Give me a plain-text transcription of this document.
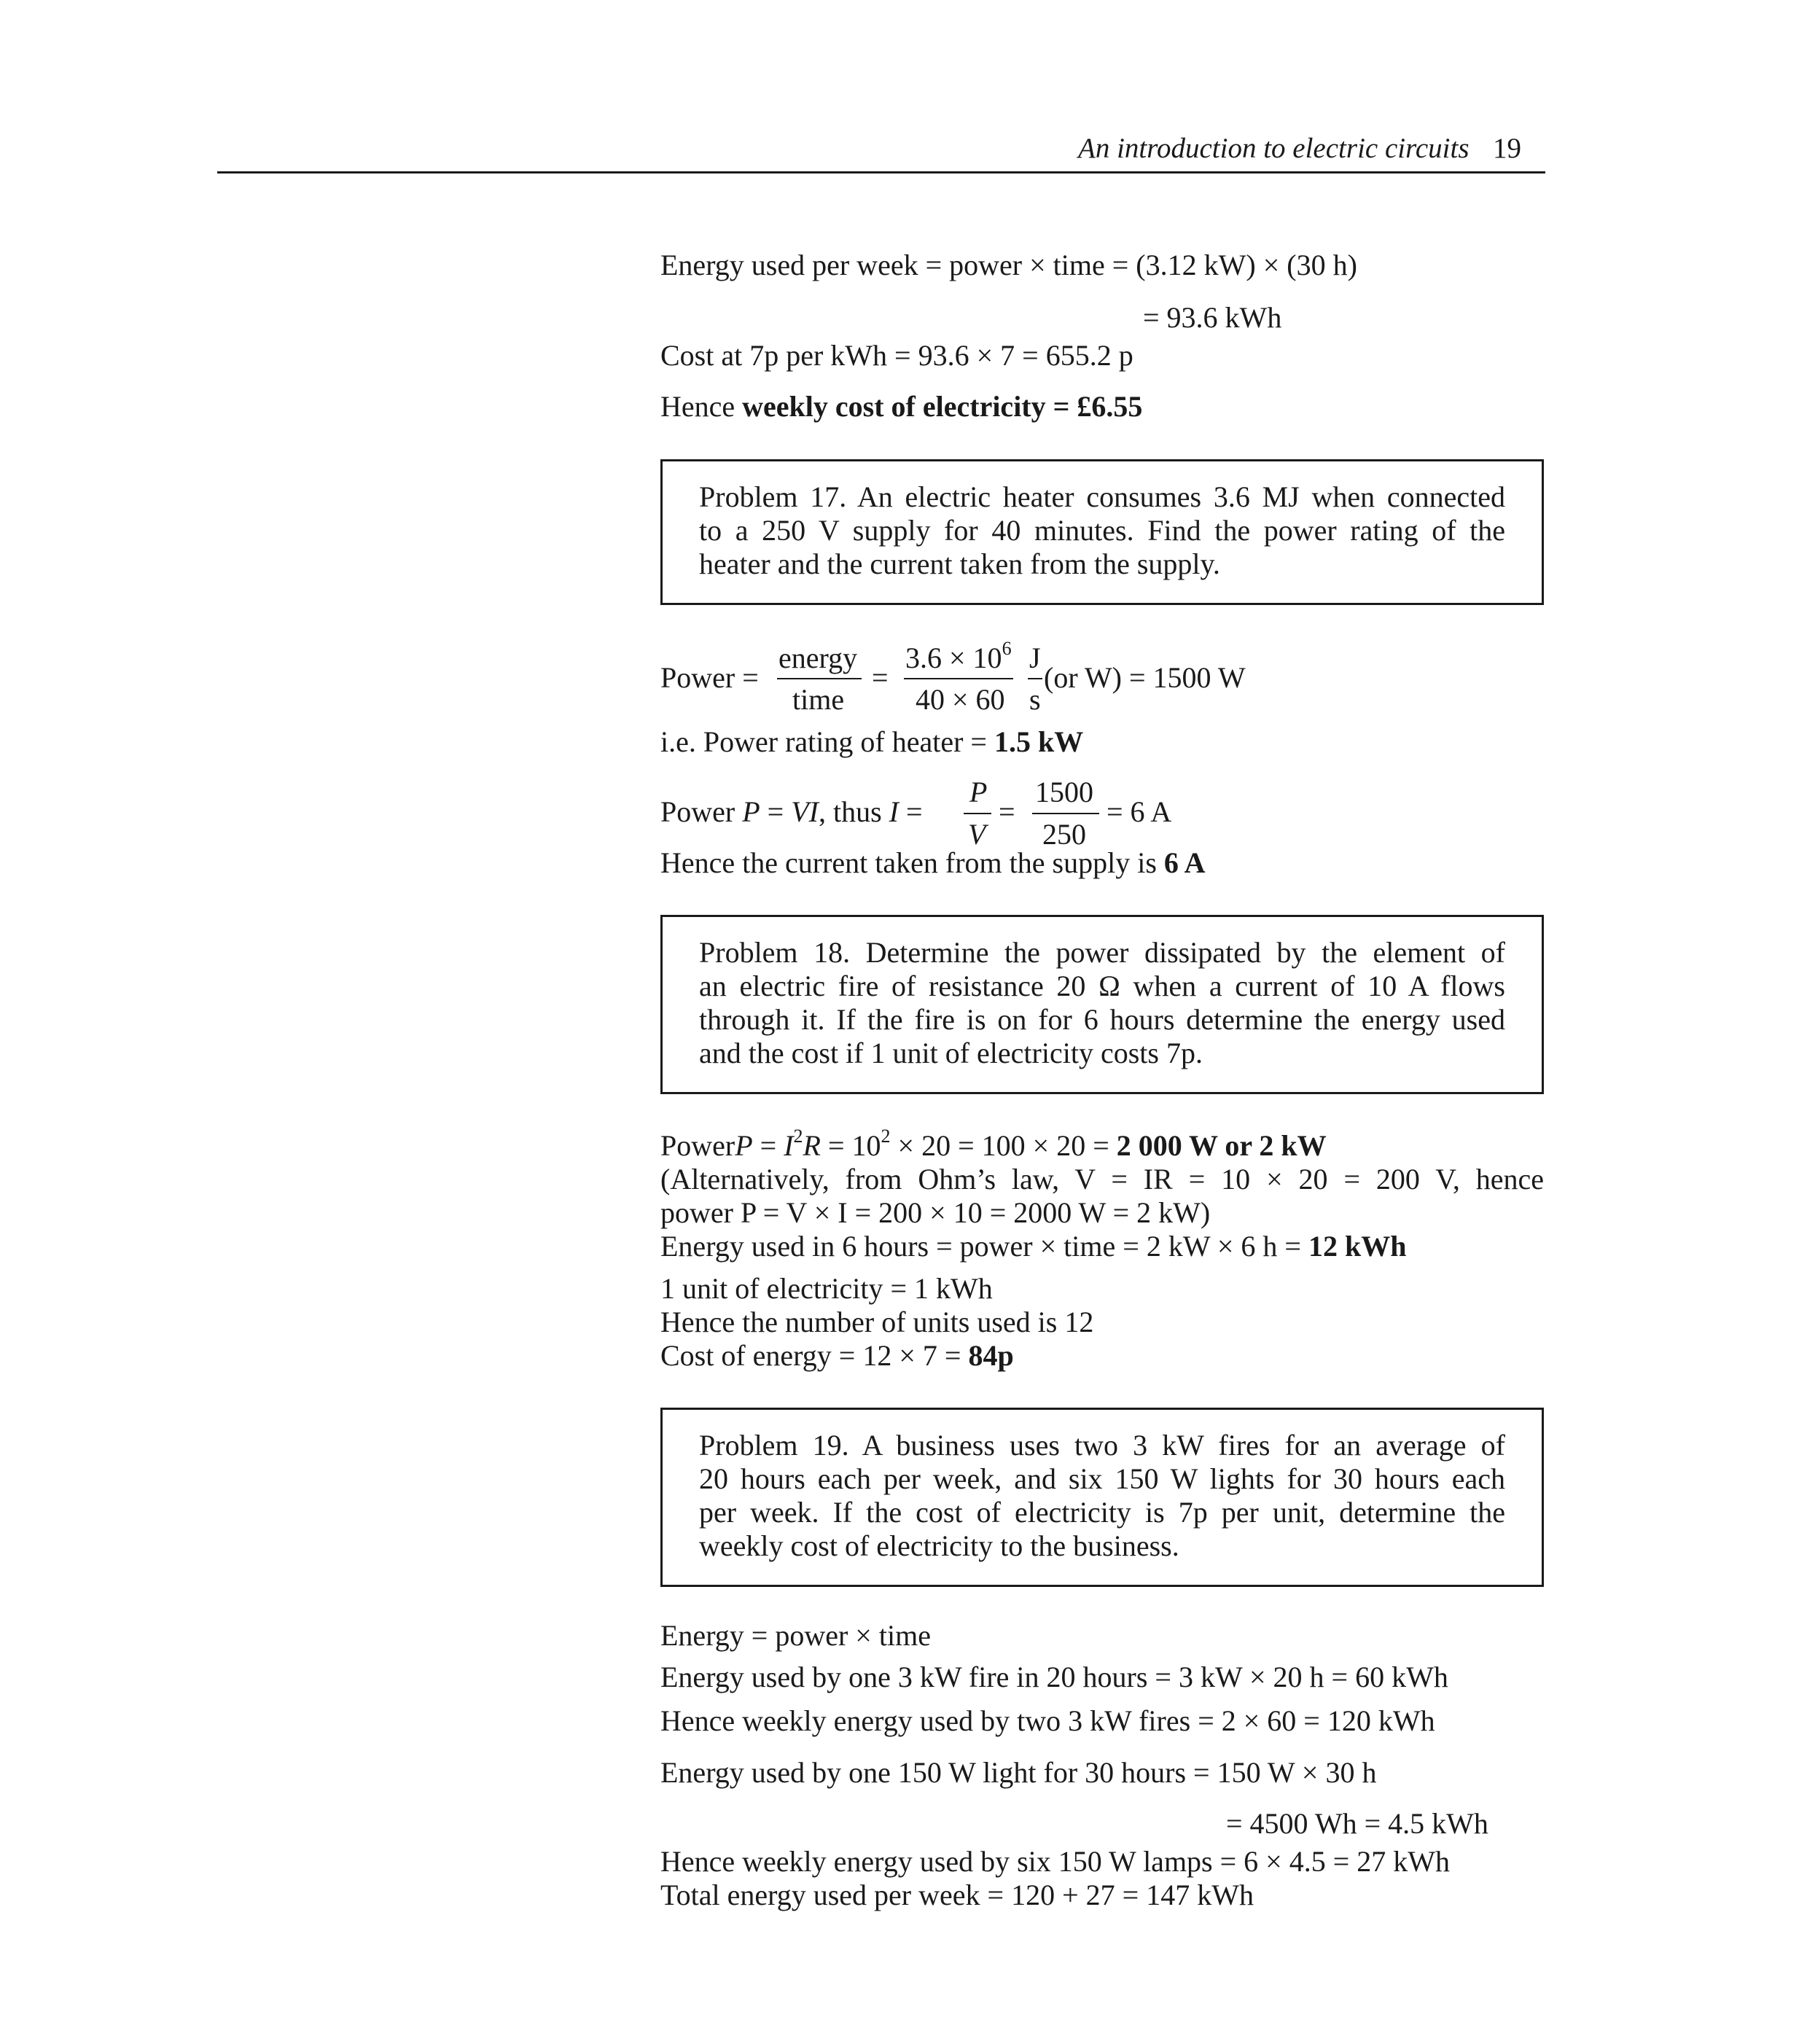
An introduction to electric circuits 19
Energy used per week = power × time = (3.12 kW) × (30 h)
= 93.6 kWh
Cost at 7p per kWh = 93.6 × 7 = 655.2 p
Hence weekly cost of electricity = £6.55
Problem 17. An electric heater consumes 3.6 MJ when connected
to a 250 V supply for 40 minutes. Find the power rating of the
heater and the current taken from the supply.
Power =
energy
time
=
$3.6 \times 10^6$
40 × 60
J
s
(or W) = 1500 W
i.e. Power rating of heater = 1.5 kW
Power P = VI, thus I =
P
V
=
1500
250
= 6 A
Hence the current taken from the supply is 6 A
Problem 18. Determine the power dissipated by the element of
an electric fire of resistance 20 Ω when a current of 10 A flows
through it. If the fire is on for 6 hours determine the energy used
and the cost if 1 unit of electricity costs 7p.
PowerP = $I^2R = 10^2 \times 20 = 100 \times 20 = 2$ 000 W or 2 kW
(Alternatively, from Ohm’s law, V = IR = 10 × 20 = 200 V, hence
power P = V × I = 200 × 10 = 2000 W = 2 kW)
Energy used in 6 hours = power × time = 2 kW × 6 h = 12 kWh
1 unit of electricity = 1 kWh
Hence the number of units used is 12
Cost of energy = 12 × 7 = 84p
Problem 19. A business uses two 3 kW fires for an average of
20 hours each per week, and six 150 W lights for 30 hours each
per week. If the cost of electricity is 7p per unit, determine the
weekly cost of electricity to the business.
Energy = power × time
Energy used by one 3 kW fire in 20 hours = 3 kW × 20 h = 60 kWh
Hence weekly energy used by two 3 kW fires = 2 × 60 = 120 kWh
Energy used by one 150 W light for 30 hours = 150 W × 30 h
= 4500 Wh = 4.5 kWh
Hence weekly energy used by six 150 W lamps = 6 × 4.5 = 27 kWh
Total energy used per week = 120 + 27 = 147 kWh
